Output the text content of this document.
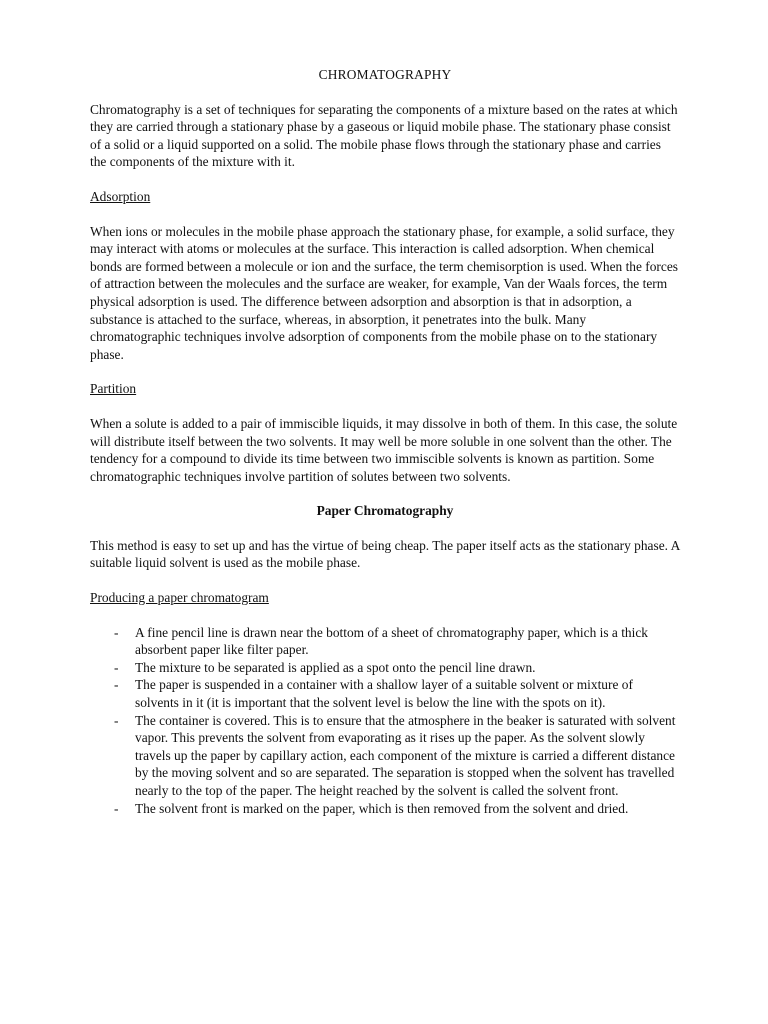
CHROMATOGRAPHY

Chromatography is a set of techniques for separating the components of a mixture based on the rates at which they are carried through a stationary phase by a gaseous or liquid mobile phase. The stationary phase consist of a solid or a liquid supported on a solid. The mobile phase flows through the stationary phase and carries the components of the mixture with it.

Adsorption

When ions or molecules in the mobile phase approach the stationary phase, for example, a solid surface, they may interact with atoms or molecules at the surface. This interaction is called adsorption. When chemical bonds are formed between a molecule or ion and the surface, the term chemisorption is used. When the forces of attraction between the molecules and the surface are weaker, for example, Van der Waals forces, the term physical adsorption is used. The difference between adsorption and absorption is that in adsorption, a substance is attached to the surface, whereas, in absorption, it penetrates into the bulk. Many chromatographic techniques involve adsorption of components from the mobile phase on to the stationary phase.

Partition

When a solute is added to a pair of immiscible liquids, it may dissolve in both of them. In this case, the solute will distribute itself between the two solvents. It may well be more soluble in one solvent than the other. The tendency for a compound to divide its time between two immiscible solvents is known as partition. Some chromatographic techniques involve partition of solutes between two solvents.

Paper Chromatography

This method is easy to set up and has the virtue of being cheap. The paper itself acts as the stationary phase. A suitable liquid solvent is used as the mobile phase.

Producing a paper chromatogram
- A fine pencil line is drawn near the bottom of a sheet of chromatography paper, which is a thick absorbent paper like filter paper.
- The mixture to be separated is applied as a spot onto the pencil line drawn.
- The paper is suspended in a container with a shallow layer of a suitable solvent or mixture of solvents in it (it is important that the solvent level is below the line with the spots on it).
- The container is covered. This is to ensure that the atmosphere in the beaker is saturated with solvent vapor. This prevents the solvent from evaporating as it rises up the paper. As the solvent slowly travels up the paper by capillary action, each component of the mixture is carried a different distance by the moving solvent and so are separated. The separation is stopped when the solvent has travelled nearly to the top of the paper. The height reached by the solvent is called the solvent front.
- The solvent front is marked on the paper, which is then removed from the solvent and dried.
